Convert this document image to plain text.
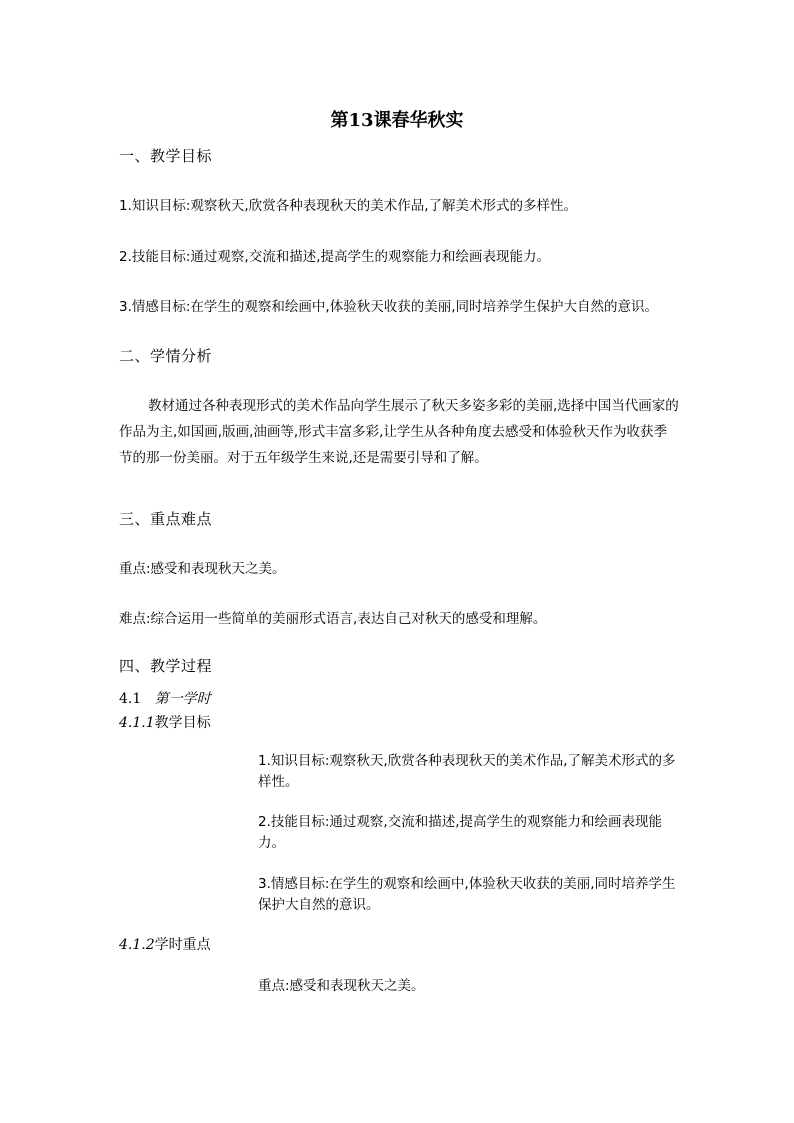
第13课春华秋实
一、教学目标

1.知识目标:观察秋天,欣赏各种表现秋天的美术作品,了解美术形式的多样性。

2.技能目标:通过观察,交流和描述,提高学生的观察能力和绘画表现能力。

3.情感目标:在学生的观察和绘画中,体验秋天收获的美丽,同时培养学生保护大自然的意识。

二、学情分析

教材通过各种表现形式的美术作品向学生展示了秋天多姿多彩的美丽,选择中国当代画家的作品为主,如国画,版画,油画等,形式丰富多彩,让学生从各种角度去感受和体验秋天作为收获季节的那一份美丽。对于五年级学生来说,还是需要引导和了解。

三、重点难点

重点:感受和表现秋天之美。

难点:综合运用一些简单的美丽形式语言,表达自己对秋天的感受和理解。

四、教学过程
4.1 第一学时
4.1.1教学目标

1.知识目标:观察秋天,欣赏各种表现秋天的美术作品,了解美术形式的多样性。

2.技能目标:通过观察,交流和描述,提高学生的观察能力和绘画表现能力。

3.情感目标:在学生的观察和绘画中,体验秋天收获的美丽,同时培养学生保护大自然的意识。

4.1.2学时重点

重点:感受和表现秋天之美。
